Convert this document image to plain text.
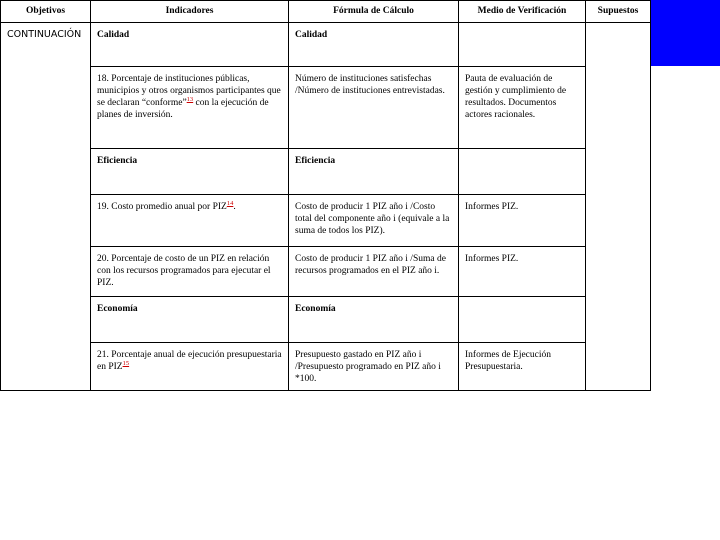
Objetivos	Indicadores	Fórmula de Cálculo	Medio de Verificación	Supuestos
CONTINUACIÓN	Calidad	Calidad		
	18. Porcentaje de instituciones públicas, municipios y otros organismos participantes que se declaran “conforme”$^{13}$ con la ejecución de planes de inversión.	Número de instituciones satisfechas /Número de instituciones entrevistadas.	Pauta de evaluación de gestión y cumplimiento de resultados. Documentos actores racionales.	
	Eficiencia	Eficiencia		
	19. Costo promedio anual por PIZ$^{14}$.	Costo de producir 1 PIZ año i /Costo total del componente año i (equivale a la suma de todos los PIZ).	Informes PIZ.	
	20. Porcentaje de costo de un PIZ en relación con los recursos programados para ejecutar el PIZ.	Costo de producir 1 PIZ año i /Suma de recursos programados en el PIZ año i.	Informes PIZ.	
	Economía	Economía		
	21. Porcentaje anual de ejecución presupuestaria en PIZ$^{15}$	Presupuesto gastado en PIZ año i /Presupuesto programado en PIZ año i *100.	Informes de Ejecución Presupuestaria.	
